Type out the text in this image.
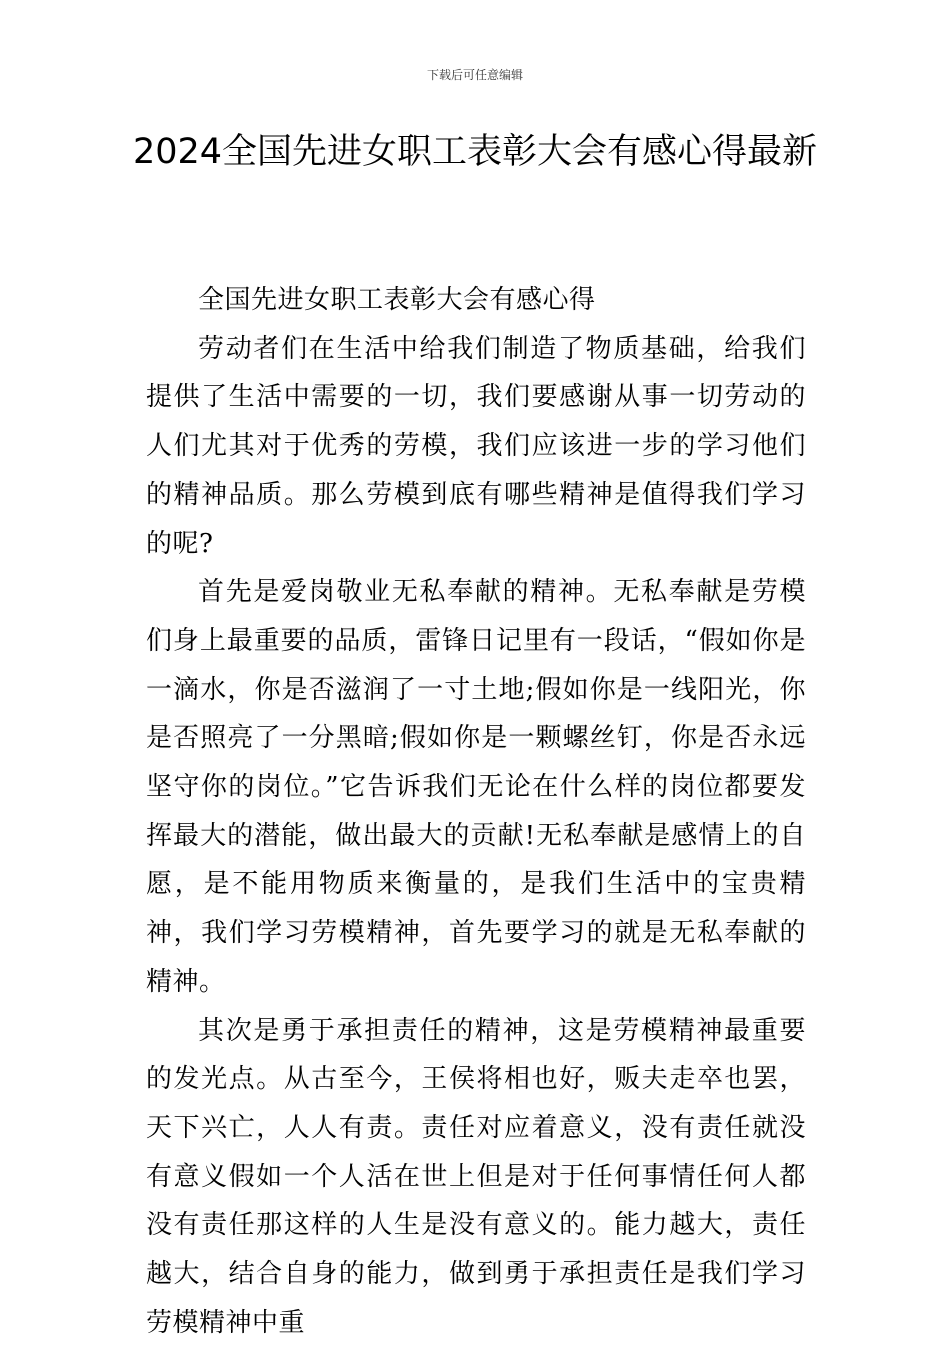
下载后可任意编辑
2024全国先进女职工表彰大会有感心得最新

全国先进女职工表彰大会有感心得

劳动者们在生活中给我们制造了物质基础，给我们提供了生活中需要的一切，我们要感谢从事一切劳动的人们尤其对于优秀的劳模，我们应该进一步的学习他们的精神品质。那么劳模到底有哪些精神是值得我们学习的呢?

首先是爱岗敬业无私奉献的精神。无私奉献是劳模们身上最重要的品质，雷锋日记里有一段话，“假如你是一滴水，你是否滋润了一寸土地;假如你是一线阳光，你是否照亮了一分黑暗;假如你是一颗螺丝钉，你是否永远坚守你的岗位。”它告诉我们无论在什么样的岗位都要发挥最大的潜能，做出最大的贡献!无私奉献是感情上的自愿，是不能用物质来衡量的，是我们生活中的宝贵精神，我们学习劳模精神，首先要学习的就是无私奉献的精神。

其次是勇于承担责任的精神，这是劳模精神最重要的发光点。从古至今，王侯将相也好，贩夫走卒也罢，天下兴亡，人人有责。责任对应着意义，没有责任就没有意义假如一个人活在世上但是对于任何事情任何人都没有责任那这样的人生是没有意义的。能力越大，责任越大，结合自身的能力，做到勇于承担责任是我们学习劳模精神中重
